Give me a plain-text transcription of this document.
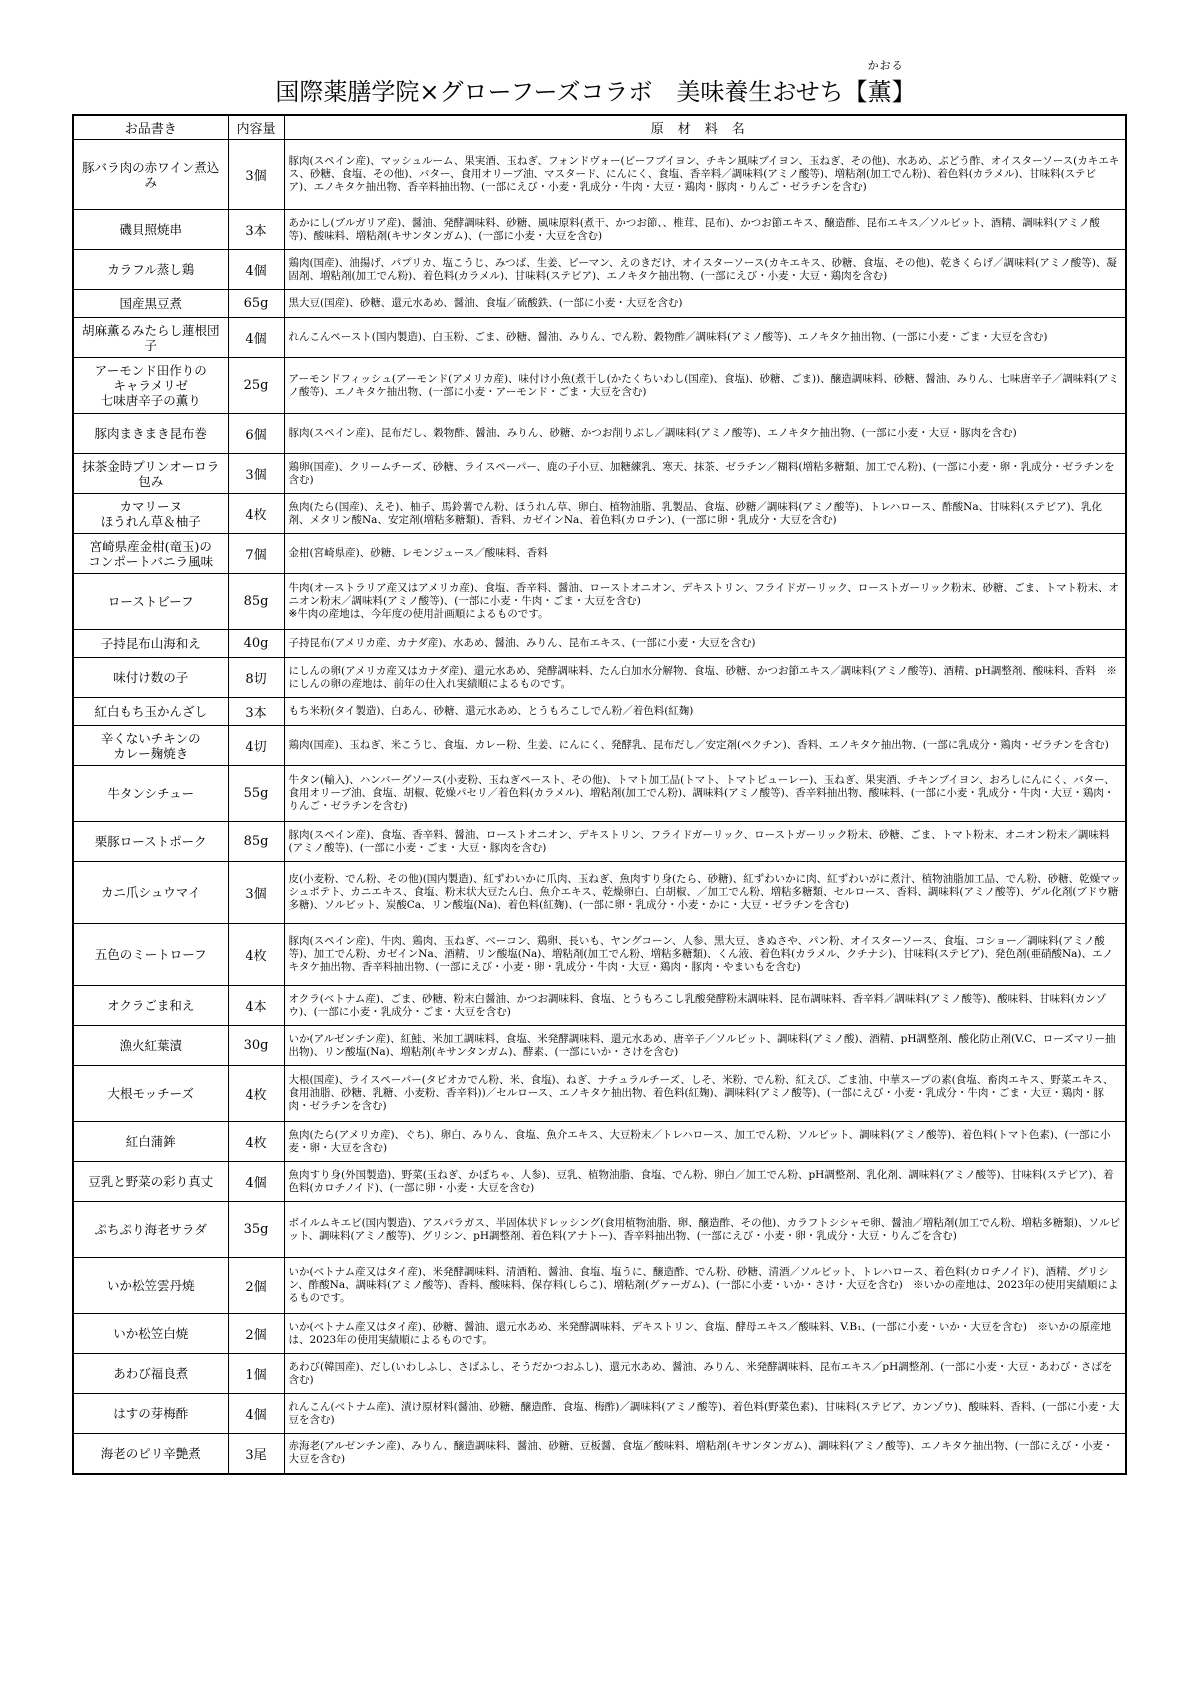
国際薬膳学院×グローフーズコラボ　美味養生おせち【
かおる
薫】
お品書き	内容量	原材料名
豚バラ肉の赤ワイン煮込み	3個	豚肉(スペイン産)、マッシュルーム、果実酒、玉ねぎ、フォンドヴォー(ビーフブイヨン、チキン風味ブイヨン、玉ねぎ、その他)、水あめ、ぶどう酢、オイスターソース(カキエキス、砂糖、食塩、その他)、バター、食用オリーブ油、マスタード、にんにく、食塩、香辛料／調味料(アミノ酸等)、増粘剤(加工でん粉)、着色料(カラメル)、甘味料(ステビア)、エノキタケ抽出物、香辛料抽出物、(一部にえび・小麦・乳成分・牛肉・大豆・鶏肉・豚肉・りんご・ゼラチンを含む)
磯貝照焼串	3本	あかにし(ブルガリア産)、醤油、発酵調味料、砂糖、風味原料(煮干、かつお節、、椎茸、昆布)、かつお節エキス、醸造酢、昆布エキス／ソルビット、酒精、調味料(アミノ酸等)、酸味料、増粘剤(キサンタンガム)、(一部に小麦・大豆を含む)
カラフル蒸し鶏	4個	鶏肉(国産)、油揚げ、パプリカ、塩こうじ、みつば、生姜、ピーマン、えのきだけ、オイスターソース(カキエキス、砂糖、食塩、その他)、乾きくらげ／調味料(アミノ酸等)、凝固剤、増粘剤(加工でん粉)、着色料(カラメル)、甘味料(ステビア)、エノキタケ抽出物、(一部にえび・小麦・大豆・鶏肉を含む)
国産黒豆煮	65g	黒大豆(国産)、砂糖、還元水あめ、醤油、食塩／硫酸鉄、(一部に小麦・大豆を含む)
胡麻薫るみたらし蓮根団子	4個	れんこんペースト(国内製造)、白玉粉、ごま、砂糖、醤油、みりん、でん粉、穀物酢／調味料(アミノ酸等)、エノキタケ抽出物、(一部に小麦・ごま・大豆を含む)
アーモンド田作りの
キャラメリゼ
七味唐辛子の薫り	25g	アーモンドフィッシュ(アーモンド(アメリカ産)、味付け小魚(煮干し(かたくちいわし(国産)、食塩)、砂糖、ごま))、醸造調味料、砂糖、醤油、みりん、七味唐辛子／調味料(アミノ酸等)、エノキタケ抽出物、(一部に小麦・アーモンド・ごま・大豆を含む)
豚肉まきまき昆布巻	6個	豚肉(スペイン産)、昆布だし、穀物酢、醤油、みりん、砂糖、かつお削りぶし／調味料(アミノ酸等)、エノキタケ抽出物、(一部に小麦・大豆・豚肉を含む)
抹茶金時プリンオーロラ包み	3個	鶏卵(国産)、クリームチーズ、砂糖、ライスペーパー、鹿の子小豆、加糖練乳、寒天、抹茶、ゼラチン／糊料(増粘多糖類、加工でん粉)、(一部に小麦・卵・乳成分・ゼラチンを含む)
カマリーヌ
ほうれん草＆柚子	4枚	魚肉(たら(国産)、えそ)、柚子、馬鈴薯でん粉、ほうれん草、卵白、植物油脂、乳製品、食塩、砂糖／調味料(アミノ酸等)、トレハロース、酢酸Na、甘味料(ステビア)、乳化剤、メタリン酸Na、安定剤(増粘多糖類)、香料、カゼインNa、着色料(カロチン)、(一部に卵・乳成分・大豆を含む)
宮崎県産金柑(竜玉)の
コンポートバニラ風味	7個	金柑(宮崎県産)、砂糖、レモンジュース／酸味料、香料
ローストビーフ	85g	牛肉(オーストラリア産又はアメリカ産)、食塩、香辛料、醤油、ローストオニオン、デキストリン、フライドガーリック、ローストガーリック粉末、砂糖、ごま、トマト粉末、オニオン粉末／調味料(アミノ酸等)、(一部に小麦・牛肉・ごま・大豆を含む)
※牛肉の産地は、今年度の使用計画順によるものです。
子持昆布山海和え	40g	子持昆布(アメリカ産、カナダ産)、水あめ、醤油、みりん、昆布エキス、(一部に小麦・大豆を含む)
味付け数の子	8切	にしんの卵(アメリカ産又はカナダ産)、還元水あめ、発酵調味料、たん白加水分解物、食塩、砂糖、かつお節エキス／調味料(アミノ酸等)、酒精、pH調整剤、酸味料、香料　※にしんの卵の産地は、前年の仕入れ実績順によるものです。
紅白もち玉かんざし	3本	もち米粉(タイ製造)、白あん、砂糖、還元水あめ、とうもろこしでん粉／着色料(紅麹)
辛くないチキンの
カレー麹焼き	4切	鶏肉(国産)、玉ねぎ、米こうじ、食塩、カレー粉、生姜、にんにく、発酵乳、昆布だし／安定剤(ペクチン)、香料、エノキタケ抽出物、(一部に乳成分・鶏肉・ゼラチンを含む)
牛タンシチュー	55g	牛タン(輸入)、ハンバーグソース(小麦粉、玉ねぎペースト、その他)、トマト加工品(トマト、トマトピューレー)、玉ねぎ、果実酒、チキンブイヨン、おろしにんにく、バター、食用オリーブ油、食塩、胡椒、乾燥パセリ／着色料(カラメル)、増粘剤(加工でん粉)、調味料(アミノ酸等)、香辛料抽出物、酸味料、(一部に小麦・乳成分・牛肉・大豆・鶏肉・りんご・ゼラチンを含む)
栗豚ローストポーク	85g	豚肉(スペイン産)、食塩、香辛料、醤油、ローストオニオン、デキストリン、フライドガーリック、ローストガーリック粉末、砂糖、ごま、トマト粉末、オニオン粉末／調味料(アミノ酸等)、(一部に小麦・ごま・大豆・豚肉を含む)
カニ爪シュウマイ	3個	皮(小麦粉、でん粉、その他)(国内製造)、紅ずわいかに爪肉、玉ねぎ、魚肉すり身(たら、砂糖)、紅ずわいかに肉、紅ずわいがに煮汁、植物油脂加工品、でん粉、砂糖、乾燥マッシュポテト、カニエキス、食塩、粉末状大豆たん白、魚介エキス、乾燥卵白、白胡椒、／加工でん粉、増粘多糖類、セルロース、香料、調味料(アミノ酸等)、ゲル化剤(ブドウ糖多糖)、ソルビット、炭酸Ca、リン酸塩(Na)、着色料(紅麹)、(一部に卵・乳成分・小麦・かに・大豆・ゼラチンを含む)
五色のミートローフ	4枚	豚肉(スペイン産)、牛肉、鶏肉、玉ねぎ、ベーコン、鶏卵、長いも、ヤングコーン、人参、黒大豆、きぬさや、パン粉、オイスターソース、食塩、コショー／調味料(アミノ酸等)、加工でん粉、カゼインNa、酒精、リン酸塩(Na)、増粘剤(加工でん粉、増粘多糖類)、くん液、着色料(カラメル、クチナシ)、甘味料(ステビア)、発色剤(亜硝酸Na)、エノキタケ抽出物、香辛料抽出物、(一部にえび・小麦・卵・乳成分・牛肉・大豆・鶏肉・豚肉・やまいもを含む)
オクラごま和え	4本	オクラ(ベトナム産)、ごま、砂糖、粉末白醤油、かつお調味料、食塩、とうもろこし乳酸発酵粉末調味料、昆布調味料、香辛料／調味料(アミノ酸等)、酸味料、甘味料(カンゾウ)、(一部に小麦・乳成分・ごま・大豆を含む)
漁火紅葉漬	30g	いか(アルゼンチン産)、紅鮭、米加工調味料、食塩、米発酵調味料、還元水あめ、唐辛子／ソルビット、調味料(アミノ酸)、酒精、pH調整剤、酸化防止剤(V.C、ローズマリー抽出物)、リン酸塩(Na)、増粘剤(キサンタンガム)、酵素、(一部にいか・さけを含む)
大根モッチーズ	4枚	大根(国産)、ライスペーパー(タピオカでん粉、米、食塩)、ねぎ、ナチュラルチーズ、しそ、米粉、でん粉、紅えび、ごま油、中華スープの素(食塩、畜肉エキス、野菜エキス、食用油脂、砂糖、乳糖、小麦粉、香辛料))／セルロース、エノキタケ抽出物、着色料(紅麹)、調味料(アミノ酸等)、(一部にえび・小麦・乳成分・牛肉・ごま・大豆・鶏肉・豚肉・ゼラチンを含む)
紅白蒲鉾	4枚	魚肉(たら(アメリカ産)、ぐち)、卵白、みりん、食塩、魚介エキス、大豆粉末／トレハロース、加工でん粉、ソルビット、調味料(アミノ酸等)、着色料(トマト色素)、(一部に小麦・卵・大豆を含む)
豆乳と野菜の彩り真丈	4個	魚肉すり身(外国製造)、野菜(玉ねぎ、かぼちゃ、人参)、豆乳、植物油脂、食塩、でん粉、卵白／加工でん粉、pH調整剤、乳化剤、調味料(アミノ酸等)、甘味料(ステビア)、着色料(カロチノイド)、(一部に卵・小麦・大豆を含む)
ぷちぷり海老サラダ	35g	ボイルムキエビ(国内製造)、アスパラガス、半固体状ドレッシング(食用植物油脂、卵、醸造酢、その他)、カラフトシシャモ卵、醤油／増粘剤(加工でん粉、増粘多糖類)、ソルビット、調味料(アミノ酸等)、グリシン、pH調整剤、着色料(アナトー)、香辛料抽出物、(一部にえび・小麦・卵・乳成分・大豆・りんごを含む)
いか松笠雲丹焼	2個	いか(ベトナム産又はタイ産)、米発酵調味料、清酒粕、醤油、食塩、塩うに、醸造酢、でん粉、砂糖、清酒／ソルビット、トレハロース、着色料(カロチノイド)、酒精、グリシン、酢酸Na、調味料(アミノ酸等)、香料、酸味料、保存料(しらこ)、増粘剤(グァーガム)、(一部に小麦・いか・さけ・大豆を含む)　※いかの産地は、2023年の使用実績順によるものです。
いか松笠白焼	2個	いか(ベトナム産又はタイ産)、砂糖、醤油、還元水あめ、米発酵調味料、デキストリン、食塩、酵母エキス／酸味料、V.B₁、(一部に小麦・いか・大豆を含む)　※いかの原産地は、2023年の使用実績順によるものです。
あわび福良煮	1個	あわび(韓国産)、だし(いわしふし、さばふし、そうだかつおふし)、還元水あめ、醤油、みりん、米発酵調味料、昆布エキス／pH調整剤、(一部に小麦・大豆・あわび・さばを含む)
はすの芽梅酢	4個	れんこん(ベトナム産)、漬け原材料(醤油、砂糖、醸造酢、食塩、梅酢)／調味料(アミノ酸等)、着色料(野菜色素)、甘味料(ステビア、カンゾウ)、酸味料、香料、(一部に小麦・大豆を含む)
海老のピリ辛艶煮	3尾	赤海老(アルゼンチン産)、みりん、醸造調味料、醤油、砂糖、豆板醤、食塩／酸味料、増粘剤(キサンタンガム)、調味料(アミノ酸等)、エノキタケ抽出物、(一部にえび・小麦・大豆を含む)
